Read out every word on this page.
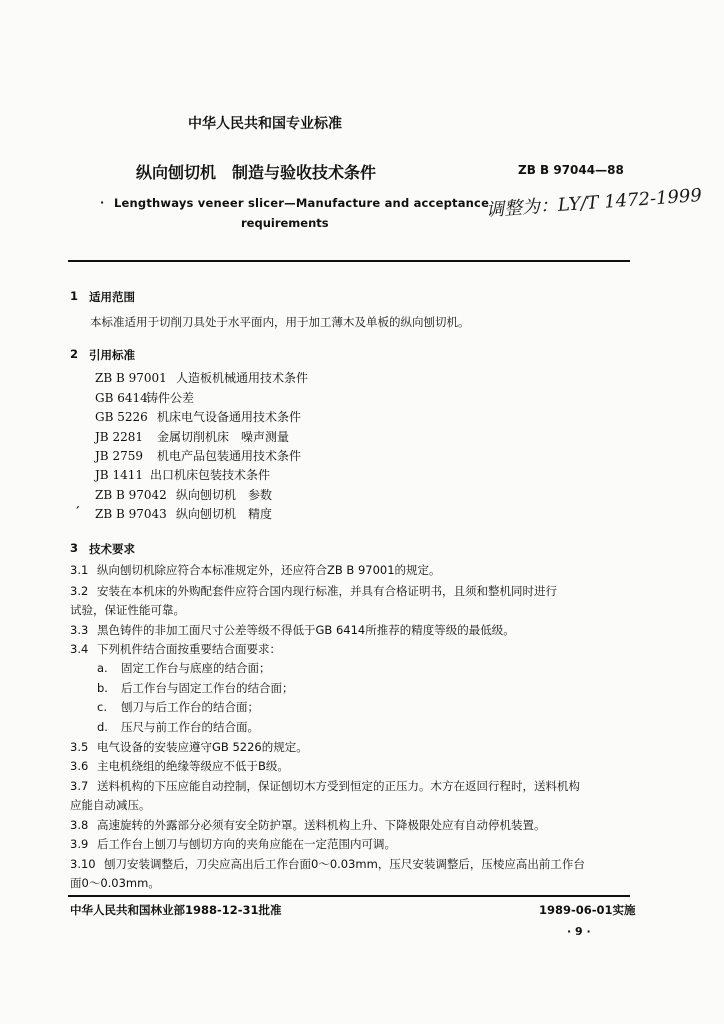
中华人民共和国专业标准
纵向刨切机　制造与验收技术条件	ZB B 97044—88
· Lengthways veneer slicer—Manufacture and acceptance
requirements
调整为：LY/T 1472-1999
1 适用范围
本标准适用于切削刀具处于水平面内，用于加工薄木及单板的纵向刨切机。
2 引用标准
ZB B 97001 人造板机械通用技术条件
GB 6414
铸件公差
GB 5226 机床电气设备通用技术条件
JB 2281 金属切削机床　噪声测量
JB 2759 机电产品包装通用技术条件
JB 1411 出口机床包装技术条件
ZB B 97042 纵向刨切机　参数
´ ZB B 97043 纵向刨切机　精度
3 技术要求
3.1 纵向刨切机除应符合本标准规定外，还应符合ZB B 97001的规定。
3.2 安装在本机床的外购配套件应符合国内现行标准，并具有合格证明书，且须和整机同时进行
试验，保证性能可靠。
3.3 黑色铸件的非加工面尺寸公差等级不得低于GB 6414所推荐的精度等级的最低级。
3.4 下列机件结合面按重要结合面要求：
a. 固定工作台与底座的结合面；
b. 后工作台与固定工作台的结合面；
c. 刨刀与后工作台的结合面；
d. 压尺与前工作台的结合面。
3.5 电气设备的安装应遵守GB 5226的规定。
3.6 主电机绕组的绝缘等级应不低于B级。
3.7 送料机构的下压应能自动控制，保证刨切木方受到恒定的正压力。木方在返回行程时，送料机构
应能自动减压。
3.8 高速旋转的外露部分必须有安全防护罩。送料机构上升、下降极限处应有自动停机装置。
3.9 后工作台上刨刀与刨切方向的夹角应能在一定范围内可调。
3.10 刨刀安装调整后，刀尖应高出后工作台面0～0.03mm，压尺安装调整后，压棱应高出前工作台
面0～0.03mm。
中华人民共和国林业部1988-12-31批准	1989-06-01实施
· 9 ·
